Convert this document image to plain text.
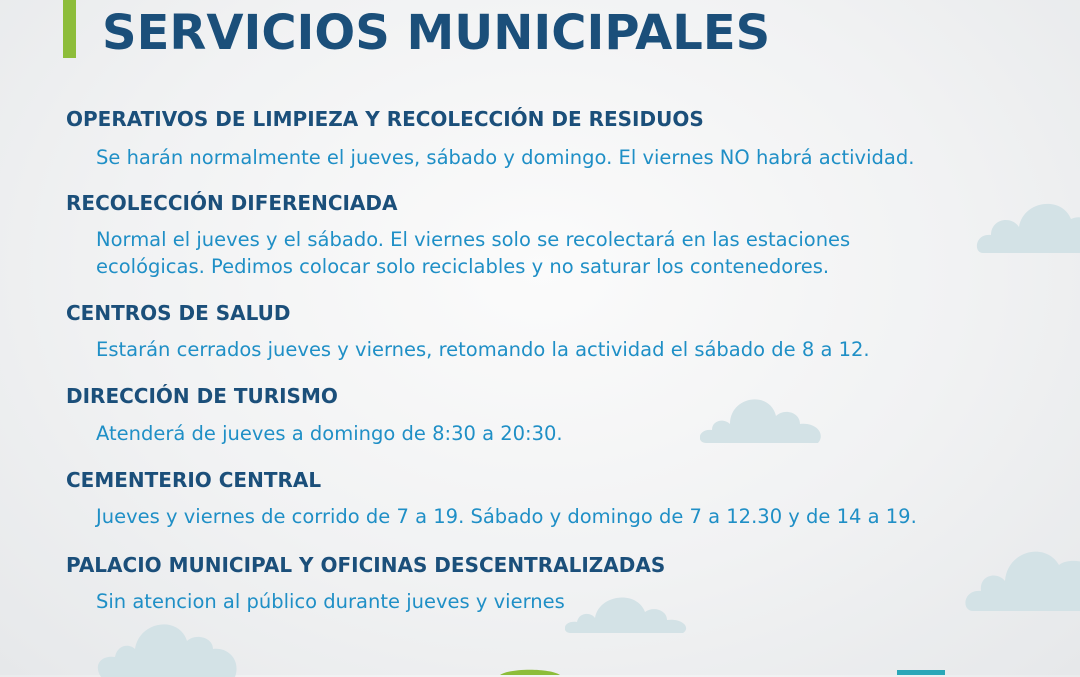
SERVICIOS MUNICIPALES

OPERATIVOS DE LIMPIEZA Y RECOLECCIÓN DE RESIDUOS

Se harán normalmente el jueves, sábado y domingo. El viernes NO habrá actividad.

RECOLECCIÓN DIFERENCIADA

Normal el jueves y el sábado. El viernes solo se recolectará en las estaciones

ecológicas. Pedimos colocar solo reciclables y no saturar los contenedores.

CENTROS DE SALUD

Estarán cerrados jueves y viernes, retomando la actividad el sábado de 8 a 12.

DIRECCIÓN DE TURISMO

Atenderá de jueves a domingo de 8:30 a 20:30.

CEMENTERIO CENTRAL

Jueves y viernes de corrido de 7 a 19. Sábado y domingo de 7 a 12.30 y de 14 a 19.

PALACIO MUNICIPAL Y OFICINAS DESCENTRALIZADAS

Sin atencion al público durante jueves y viernes
